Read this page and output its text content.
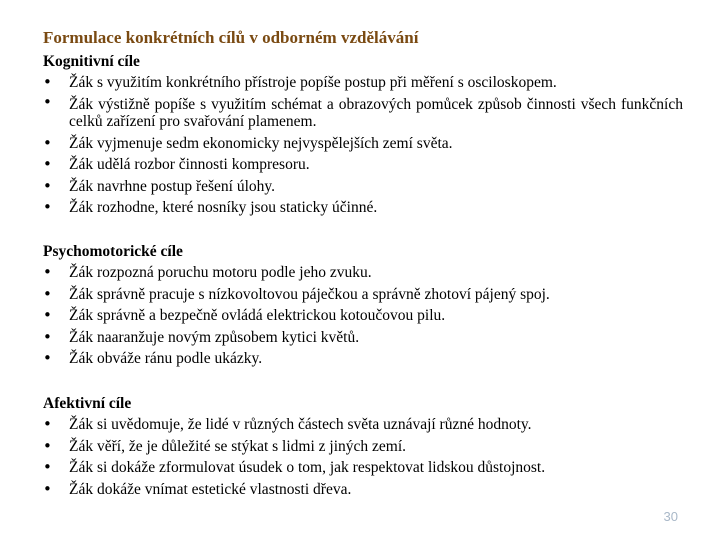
Formulace konkrétních cílů v odborném vzdělávání
Kognitivní cíle
• Žák s využitím konkrétního přístroje popíše postup při měření s osciloskopem.
• Žák výstižně popíše s využitím schémat a obrazových pomůcek způsob činnosti všech funkčních celků zařízení pro svařování plamenem.
• Žák vyjmenuje sedm ekonomicky nejvyspělejších zemí světa.
• Žák udělá rozbor činnosti kompresoru.
• Žák navrhne postup řešení úlohy.
• Žák rozhodne, které nosníky jsou staticky účinné.
Psychomotorické cíle
• Žák rozpozná poruchu motoru podle jeho zvuku.
• Žák správně pracuje s nízkovoltovou páječkou a správně zhotoví pájený spoj.
• Žák správně a bezpečně ovládá elektrickou kotoučovou pilu.
• Žák naaranžuje novým způsobem kytici květů.
• Žák obváže ránu podle ukázky.
Afektivní cíle
• Žák si uvědomuje, že lidé v různých částech světa uznávají různé hodnoty.
• Žák věří, že je důležité se stýkat s lidmi z jiných zemí.
• Žák si dokáže zformulovat úsudek o tom, jak respektovat lidskou důstojnost.
• Žák dokáže vnímat estetické vlastnosti dřeva.
30
